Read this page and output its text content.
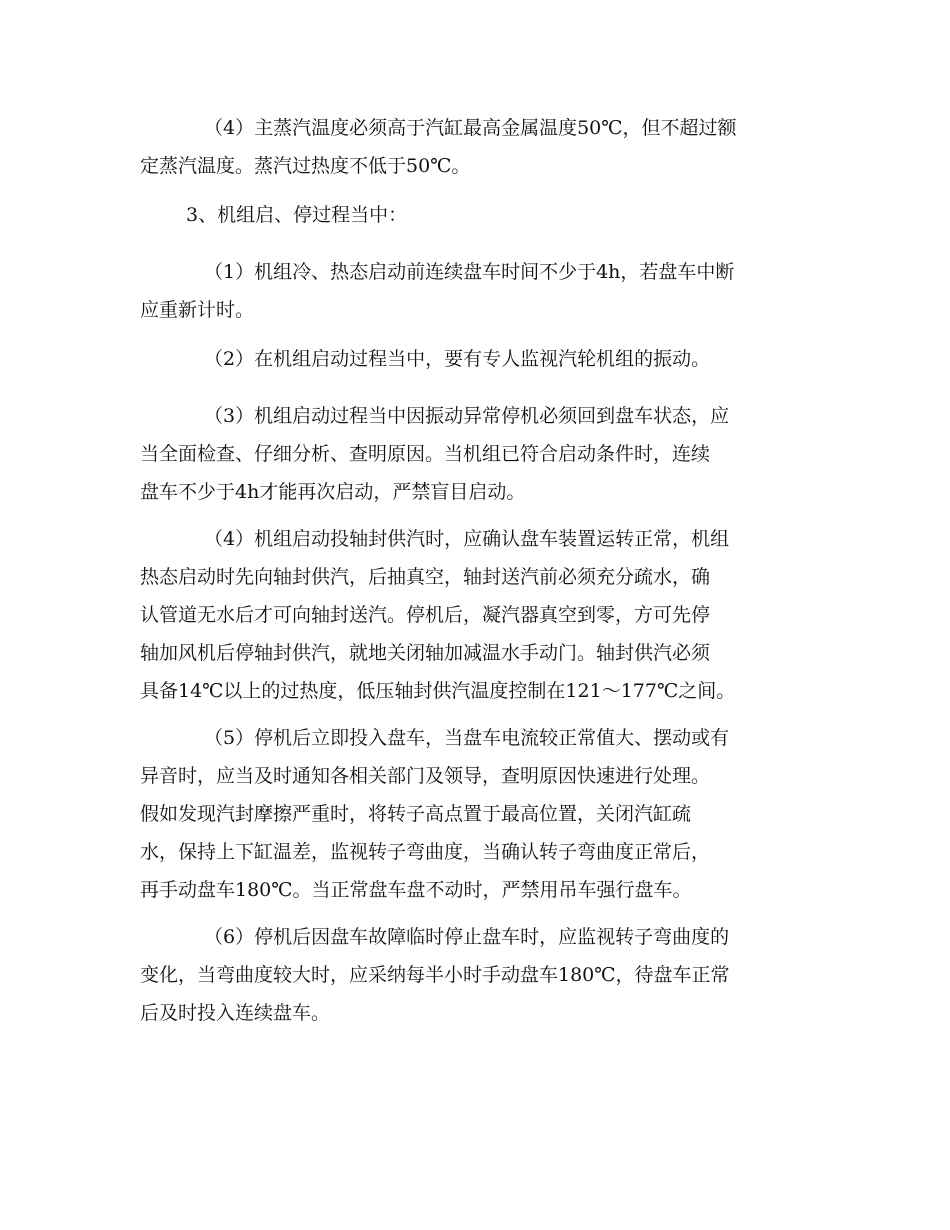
（4）主蒸汽温度必须高于汽缸最高金属温度50℃，但不超过额
定蒸汽温度。蒸汽过热度不低于50℃。
3、机组启、停过程当中：
（1）机组冷、热态启动前连续盘车时间不少于4h，若盘车中断
应重新计时。
（2）在机组启动过程当中，要有专人监视汽轮机组的振动。
（3）机组启动过程当中因振动异常停机必须回到盘车状态，应
当全面检查、仔细分析、查明原因。当机组已符合启动条件时，连续
盘车不少于4h才能再次启动，严禁盲目启动。
（4）机组启动投轴封供汽时，应确认盘车装置运转正常，机组
热态启动时先向轴封供汽，后抽真空，轴封送汽前必须充分疏水，确
认管道无水后才可向轴封送汽。停机后，凝汽器真空到零，方可先停
轴加风机后停轴封供汽，就地关闭轴加减温水手动门。轴封供汽必须
具备14℃以上的过热度，低压轴封供汽温度控制在121～177℃之间。
（5）停机后立即投入盘车，当盘车电流较正常值大、摆动或有
异音时，应当及时通知各相关部门及领导，查明原因快速进行处理。
假如发现汽封摩擦严重时，将转子高点置于最高位置，关闭汽缸疏
水，保持上下缸温差，监视转子弯曲度，当确认转子弯曲度正常后，
再手动盘车180℃。当正常盘车盘不动时，严禁用吊车强行盘车。
（6）停机后因盘车故障临时停止盘车时，应监视转子弯曲度的
变化，当弯曲度较大时，应采纳每半小时手动盘车180℃，待盘车正常
后及时投入连续盘车。
